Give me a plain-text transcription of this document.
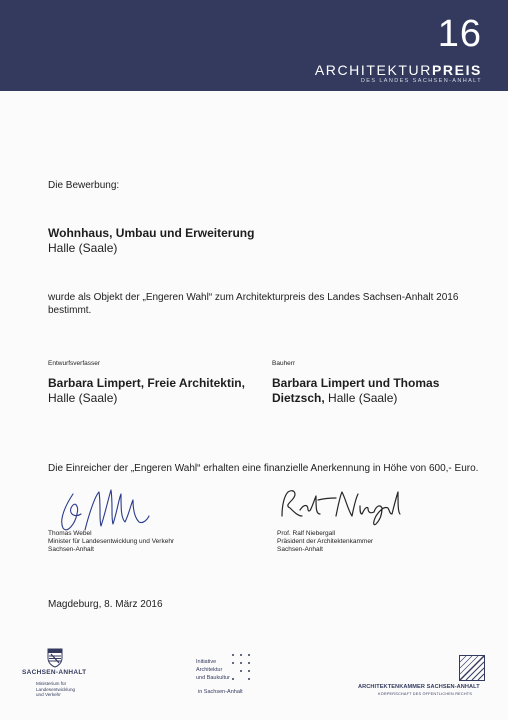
16
ARCHITEKTURPREIS
DES LANDES SACHSEN-ANHALT
Die Bewerbung:
Wohnhaus, Umbau und Erweiterung
Halle (Saale)
wurde als Objekt der „Engeren Wahl“ zum Architekturpreis des Landes Sachsen-Anhalt 2016
bestimmt.
Entwurfsverfasser
Barbara Limpert, Freie Architektin,
Halle (Saale)
Bauherr
Barbara Limpert und Thomas
Dietzsch, Halle (Saale)
Die Einreicher der „Engeren Wahl“ erhalten eine finanzielle Anerkennung in Höhe von 600,- Euro.
Thomas Webel
Minister für Landesentwicklung und Verkehr
Sachsen-Anhalt
Prof. Ralf Niebergall
Präsident der Architektenkammer
Sachsen-Anhalt
Magdeburg, 8. März 2016
SACHSEN-ANHALT
Ministerium für
Landesentwicklung
und Verkehr
Initiative
Architektur
und Baukultur
in Sachsen-Anhalt
ARCHITEKTENKAMMER SACHSEN-ANHALT
KÖRPERSCHAFT DES ÖFFENTLICHEN RECHTS
